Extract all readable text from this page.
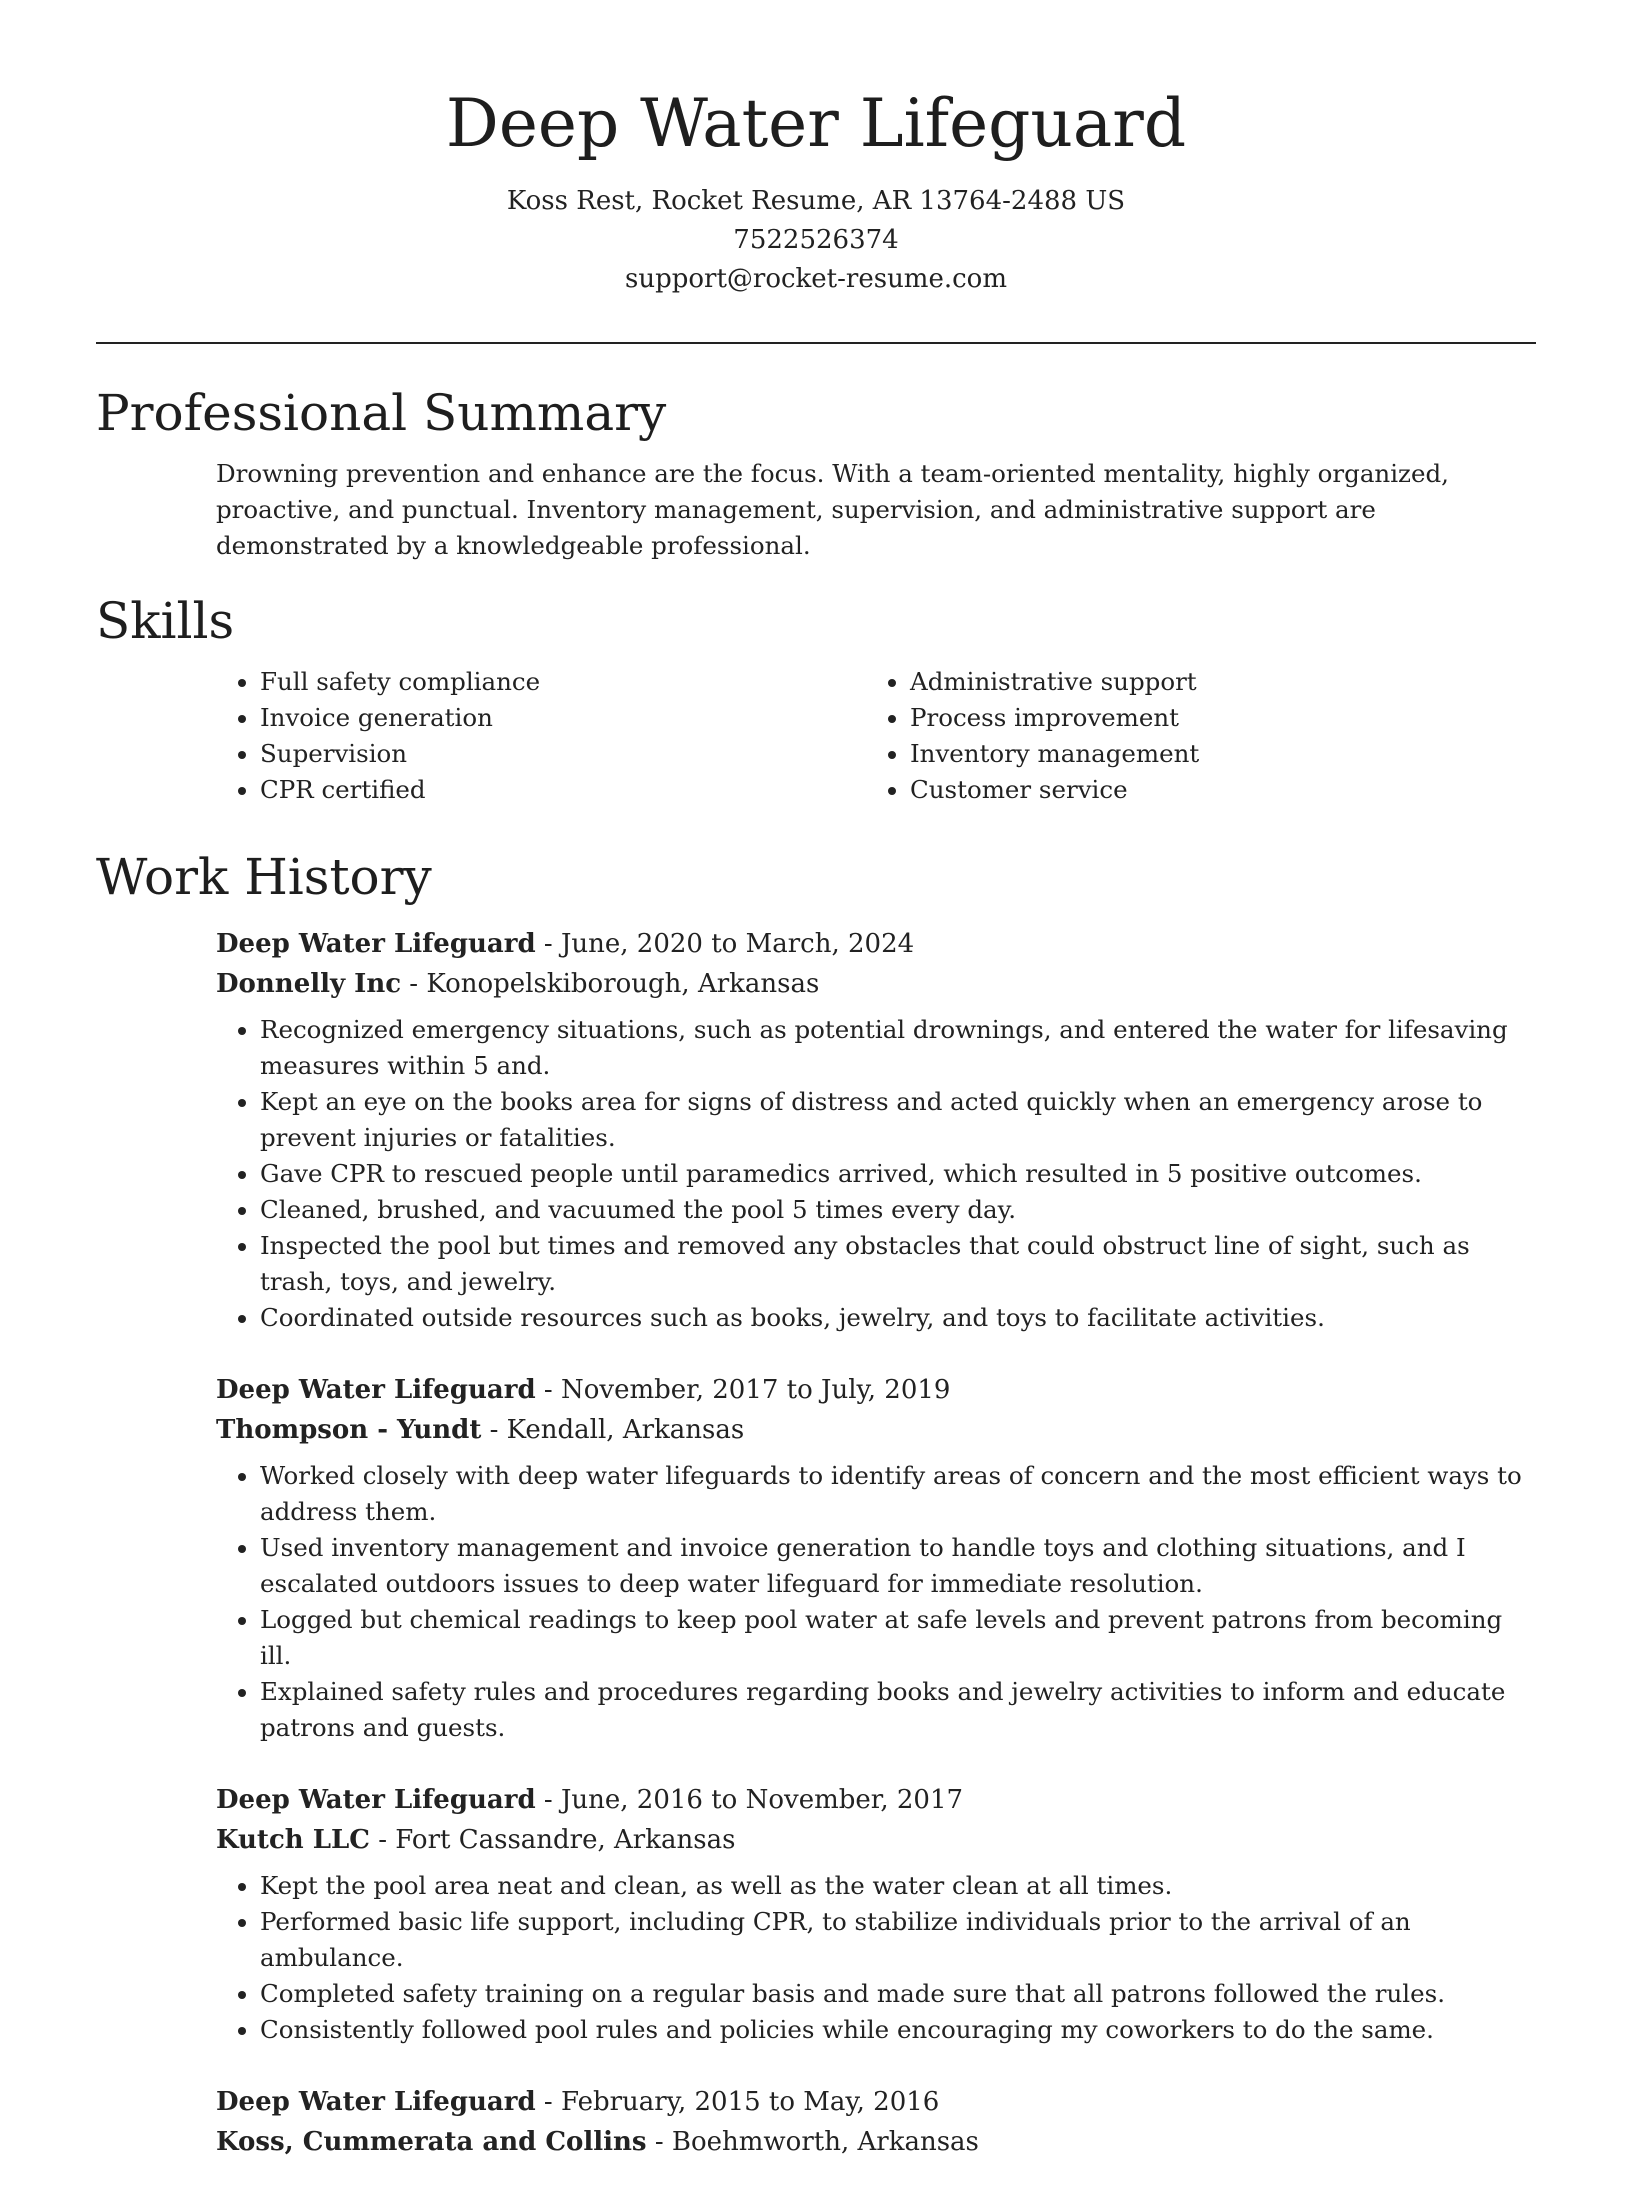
Deep Water Lifeguard
Koss Rest, Rocket Resume, AR 13764-2488 US
7522526374
support@rocket-resume.com
Professional Summary
Drowning prevention and enhance are the focus. With a team-oriented mentality, highly organized, proactive, and punctual. Inventory management, supervision, and administrative support are demonstrated by a knowledgeable professional.
Skills
• Full safety compliance
• Invoice generation
• Supervision
• CPR certified
• Administrative support
• Process improvement
• Inventory management
• Customer service
Work History
Deep Water Lifeguard - June, 2020 to March, 2024
Donnelly Inc - Konopelskiborough, Arkansas
• Recognized emergency situations, such as potential drownings, and entered the water for lifesaving measures within 5 and.
• Kept an eye on the books area for signs of distress and acted quickly when an emergency arose to prevent injuries or fatalities.
• Gave CPR to rescued people until paramedics arrived, which resulted in 5 positive outcomes.
• Cleaned, brushed, and vacuumed the pool 5 times every day.
• Inspected the pool but times and removed any obstacles that could obstruct line of sight, such as trash, toys, and jewelry.
• Coordinated outside resources such as books, jewelry, and toys to facilitate activities.
Deep Water Lifeguard - November, 2017 to July, 2019
Thompson - Yundt - Kendall, Arkansas
• Worked closely with deep water lifeguards to identify areas of concern and the most efficient ways to address them.
• Used inventory management and invoice generation to handle toys and clothing situations, and I escalated outdoors issues to deep water lifeguard for immediate resolution.
• Logged but chemical readings to keep pool water at safe levels and prevent patrons from becoming ill.
• Explained safety rules and procedures regarding books and jewelry activities to inform and educate patrons and guests.
Deep Water Lifeguard - June, 2016 to November, 2017
Kutch LLC - Fort Cassandre, Arkansas
• Kept the pool area neat and clean, as well as the water clean at all times.
• Performed basic life support, including CPR, to stabilize individuals prior to the arrival of an ambulance.
• Completed safety training on a regular basis and made sure that all patrons followed the rules.
• Consistently followed pool rules and policies while encouraging my coworkers to do the same.
Deep Water Lifeguard - February, 2015 to May, 2016
Koss, Cummerata and Collins - Boehmworth, Arkansas
